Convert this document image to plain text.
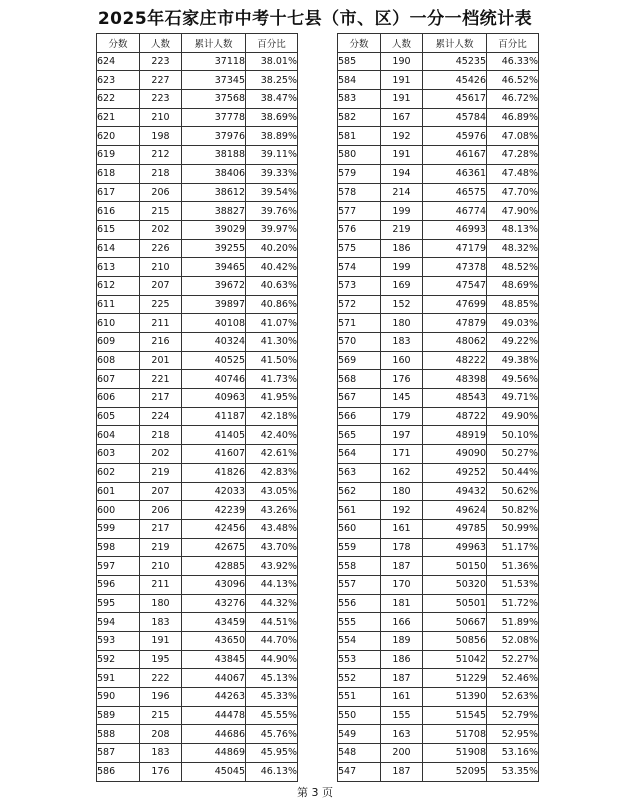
2025年石家庄市中考十七县（市、区）一分一档统计表
分数	人数	累计人数	百分比
624	223	37118	38.01%
623	227	37345	38.25%
622	223	37568	38.47%
621	210	37778	38.69%
620	198	37976	38.89%
619	212	38188	39.11%
618	218	38406	39.33%
617	206	38612	39.54%
616	215	38827	39.76%
615	202	39029	39.97%
614	226	39255	40.20%
613	210	39465	40.42%
612	207	39672	40.63%
611	225	39897	40.86%
610	211	40108	41.07%
609	216	40324	41.30%
608	201	40525	41.50%
607	221	40746	41.73%
606	217	40963	41.95%
605	224	41187	42.18%
604	218	41405	42.40%
603	202	41607	42.61%
602	219	41826	42.83%
601	207	42033	43.05%
600	206	42239	43.26%
599	217	42456	43.48%
598	219	42675	43.70%
597	210	42885	43.92%
596	211	43096	44.13%
595	180	43276	44.32%
594	183	43459	44.51%
593	191	43650	44.70%
592	195	43845	44.90%
591	222	44067	45.13%
590	196	44263	45.33%
589	215	44478	45.55%
588	208	44686	45.76%
587	183	44869	45.95%
586	176	45045	46.13%
分数	人数	累计人数	百分比
585	190	45235	46.33%
584	191	45426	46.52%
583	191	45617	46.72%
582	167	45784	46.89%
581	192	45976	47.08%
580	191	46167	47.28%
579	194	46361	47.48%
578	214	46575	47.70%
577	199	46774	47.90%
576	219	46993	48.13%
575	186	47179	48.32%
574	199	47378	48.52%
573	169	47547	48.69%
572	152	47699	48.85%
571	180	47879	49.03%
570	183	48062	49.22%
569	160	48222	49.38%
568	176	48398	49.56%
567	145	48543	49.71%
566	179	48722	49.90%
565	197	48919	50.10%
564	171	49090	50.27%
563	162	49252	50.44%
562	180	49432	50.62%
561	192	49624	50.82%
560	161	49785	50.99%
559	178	49963	51.17%
558	187	50150	51.36%
557	170	50320	51.53%
556	181	50501	51.72%
555	166	50667	51.89%
554	189	50856	52.08%
553	186	51042	52.27%
552	187	51229	52.46%
551	161	51390	52.63%
550	155	51545	52.79%
549	163	51708	52.95%
548	200	51908	53.16%
547	187	52095	53.35%
第 3 页
